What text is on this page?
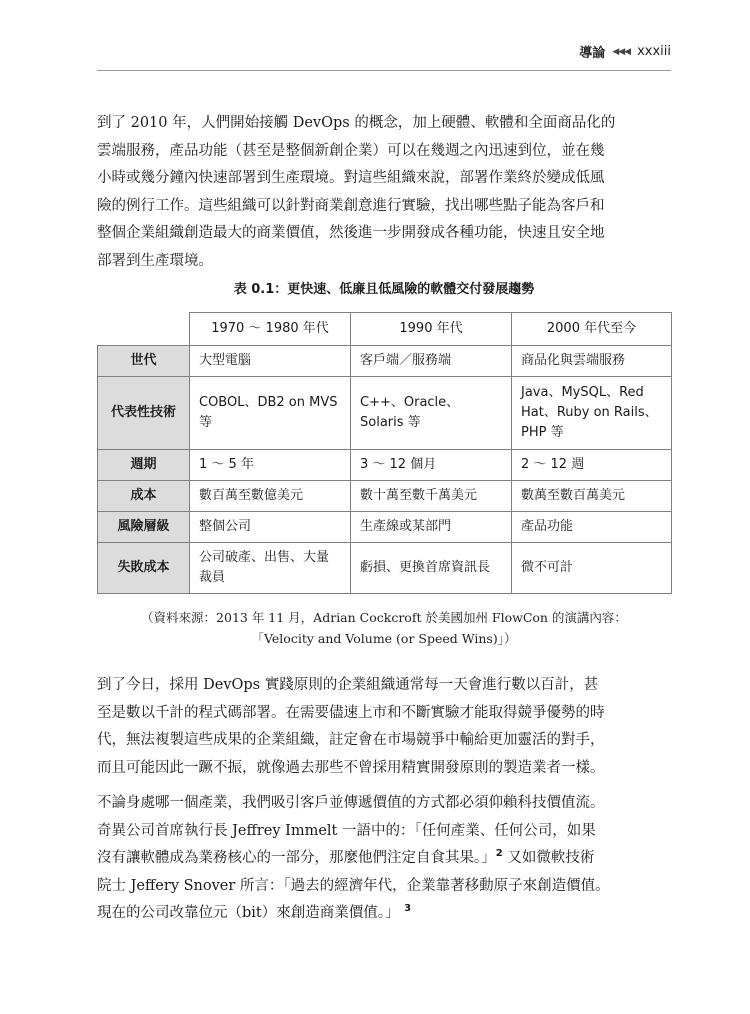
導論 ◀◀◀ xxxiii

到了 2010 年，人們開始接觸 DevOps 的概念，加上硬體、軟體和全面商品化的
雲端服務，產品功能（甚至是整個新創企業）可以在幾週之內迅速到位，並在幾
小時或幾分鐘內快速部署到生產環境。對這些組織來說，部署作業終於變成低風
險的例行工作。這些組織可以針對商業創意進行實驗，找出哪些點子能為客戶和
整個企業組織創造最大的商業價值，然後進一步開發成各種功能，快速且安全地
部署到生產環境。

表 0.1：更快速、低廉且低風險的軟體交付發展趨勢
	1970 ～ 1980 年代	1990 年代	2000 年代至今
世代	大型電腦	客戶端／服務端	商品化與雲端服務
代表性技術	COBOL、DB2 on MVS 等	C++、Oracle、Solaris 等	Java、MySQL、Red Hat、Ruby on Rails、PHP 等
週期	1 ～ 5 年	3 ～ 12 個月	2 ～ 12 週
成本	數百萬至數億美元	數十萬至數千萬美元	數萬至數百萬美元
風險層級	整個公司	生產線或某部門	產品功能
失敗成本	公司破產、出售、大量裁員	虧損、更換首席資訊長	微不可計
（資料來源：2013 年 11 月，Adrian Cockcroft 於美國加州 FlowCon 的演講內容：
「Velocity and Volume (or Speed Wins)」）

到了今日，採用 DevOps 實踐原則的企業組織通常每一天會進行數以百計，甚
至是數以千計的程式碼部署。在需要儘速上市和不斷實驗才能取得競爭優勢的時
代，無法複製這些成果的企業組織，註定會在市場競爭中輸給更加靈活的對手，
而且可能因此一蹶不振，就像過去那些不曾採用精實開發原則的製造業者一樣。

不論身處哪一個產業，我們吸引客戶並傳遞價值的方式都必須仰賴科技價值流。
奇異公司首席執行長 Jeffrey Immelt 一語中的：「任何產業、任何公司，如果
沒有讓軟體成為業務核心的一部分，那麼他們注定自食其果。」$^2$ 又如微軟技術
院士 Jeffery Snover 所言：「過去的經濟年代，企業靠著移動原子來創造價值。
現在的公司改靠位元（bit）來創造商業價值。」 $^3$
